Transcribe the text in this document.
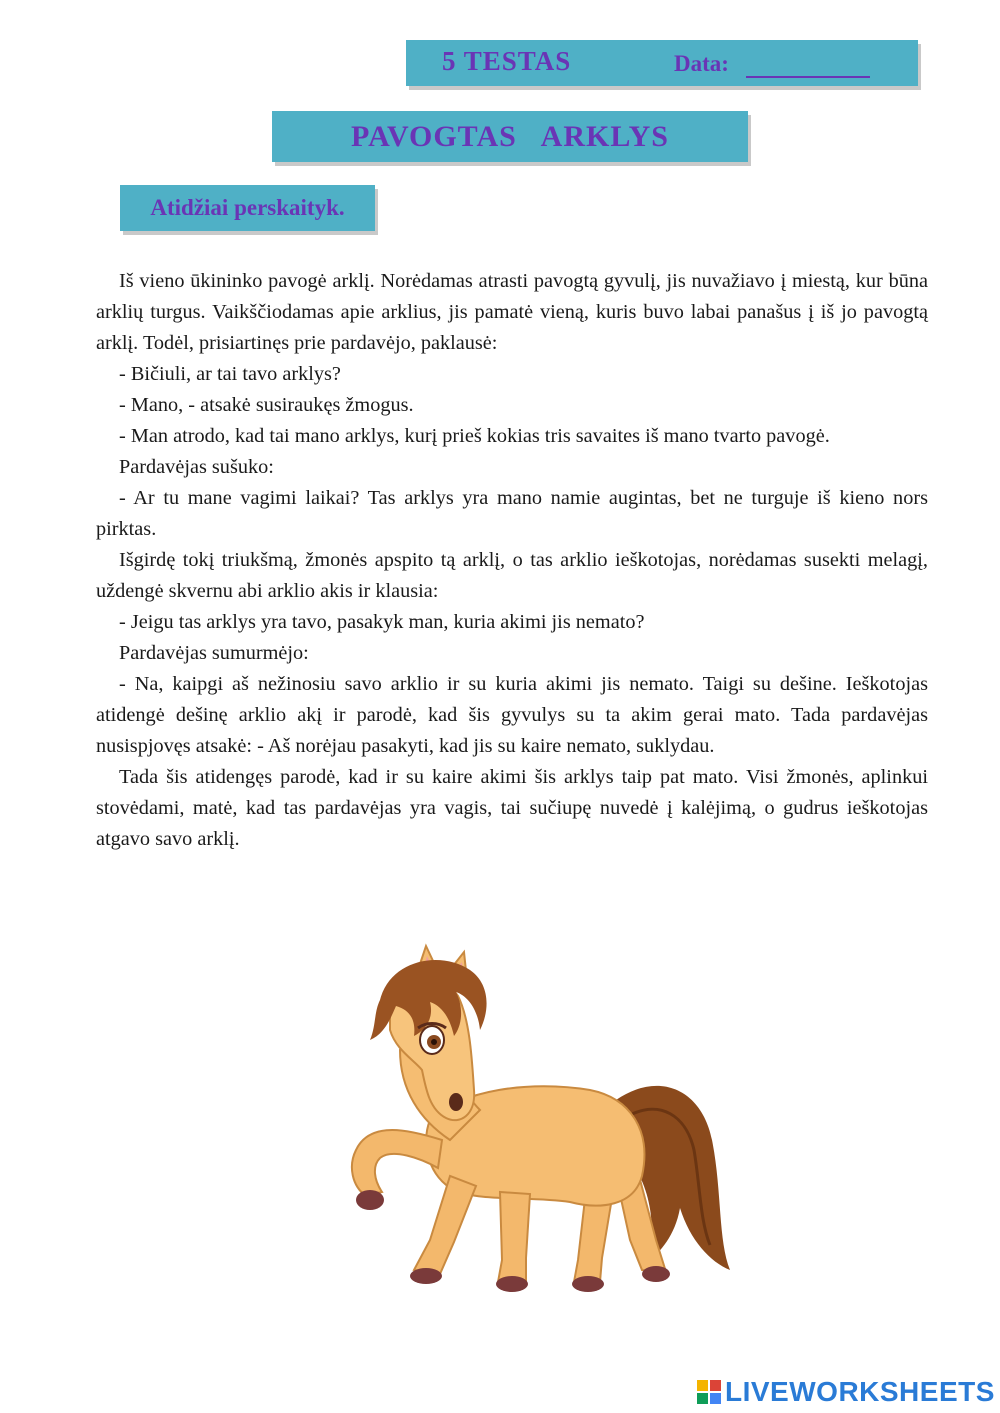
5 TESTAS	Data:
PAVOGTAS   ARKLYS
Atidžiai perskaityk.

Iš vieno ūkininko pavogė arklį. Norėdamas atrasti pavogtą gyvulį, jis nuvažiavo į miestą, kur būna arklių turgus. Vaikščiodamas apie arklius, jis pamatė vieną, kuris buvo labai panašus į iš jo pavogtą arklį. Todėl, prisiartinęs prie pardavėjo, paklausė:

- Bičiuli, ar tai tavo arklys?

- Mano, - atsakė susiraukęs žmogus.

- Man atrodo, kad tai mano arklys, kurį prieš kokias tris savaites iš mano tvarto pavogė.

Pardavėjas sušuko:

- Ar tu mane vagimi laikai? Tas arklys yra mano namie augintas, bet ne turguje iš kieno nors pirktas.

Išgirdę tokį triukšmą, žmonės apspito tą arklį, o tas arklio ieškotojas, norėdamas susekti melagį, uždengė skvernu abi arklio akis ir klausia:

- Jeigu tas arklys yra tavo, pasakyk man, kuria akimi jis nemato?

Pardavėjas sumurmėjo:

- Na, kaipgi aš nežinosiu savo arklio ir su kuria akimi jis nemato. Taigi su dešine. Ieškotojas atidengė dešinę arklio akį ir parodė, kad šis gyvulys su ta akim gerai mato. Tada pardavėjas nusispjovęs atsakė: - Aš norėjau pasakyti, kad jis su kaire nemato, suklydau.

Tada šis atidengęs parodė, kad ir su kaire akimi šis arklys taip pat mato. Visi žmonės, aplinkui stovėdami, matė, kad tas pardavėjas yra vagis, tai sučiupę nuvedė į kalėjimą, o gudrus ieškotojas atgavo savo arklį.

LIVEWORKSHEETS
